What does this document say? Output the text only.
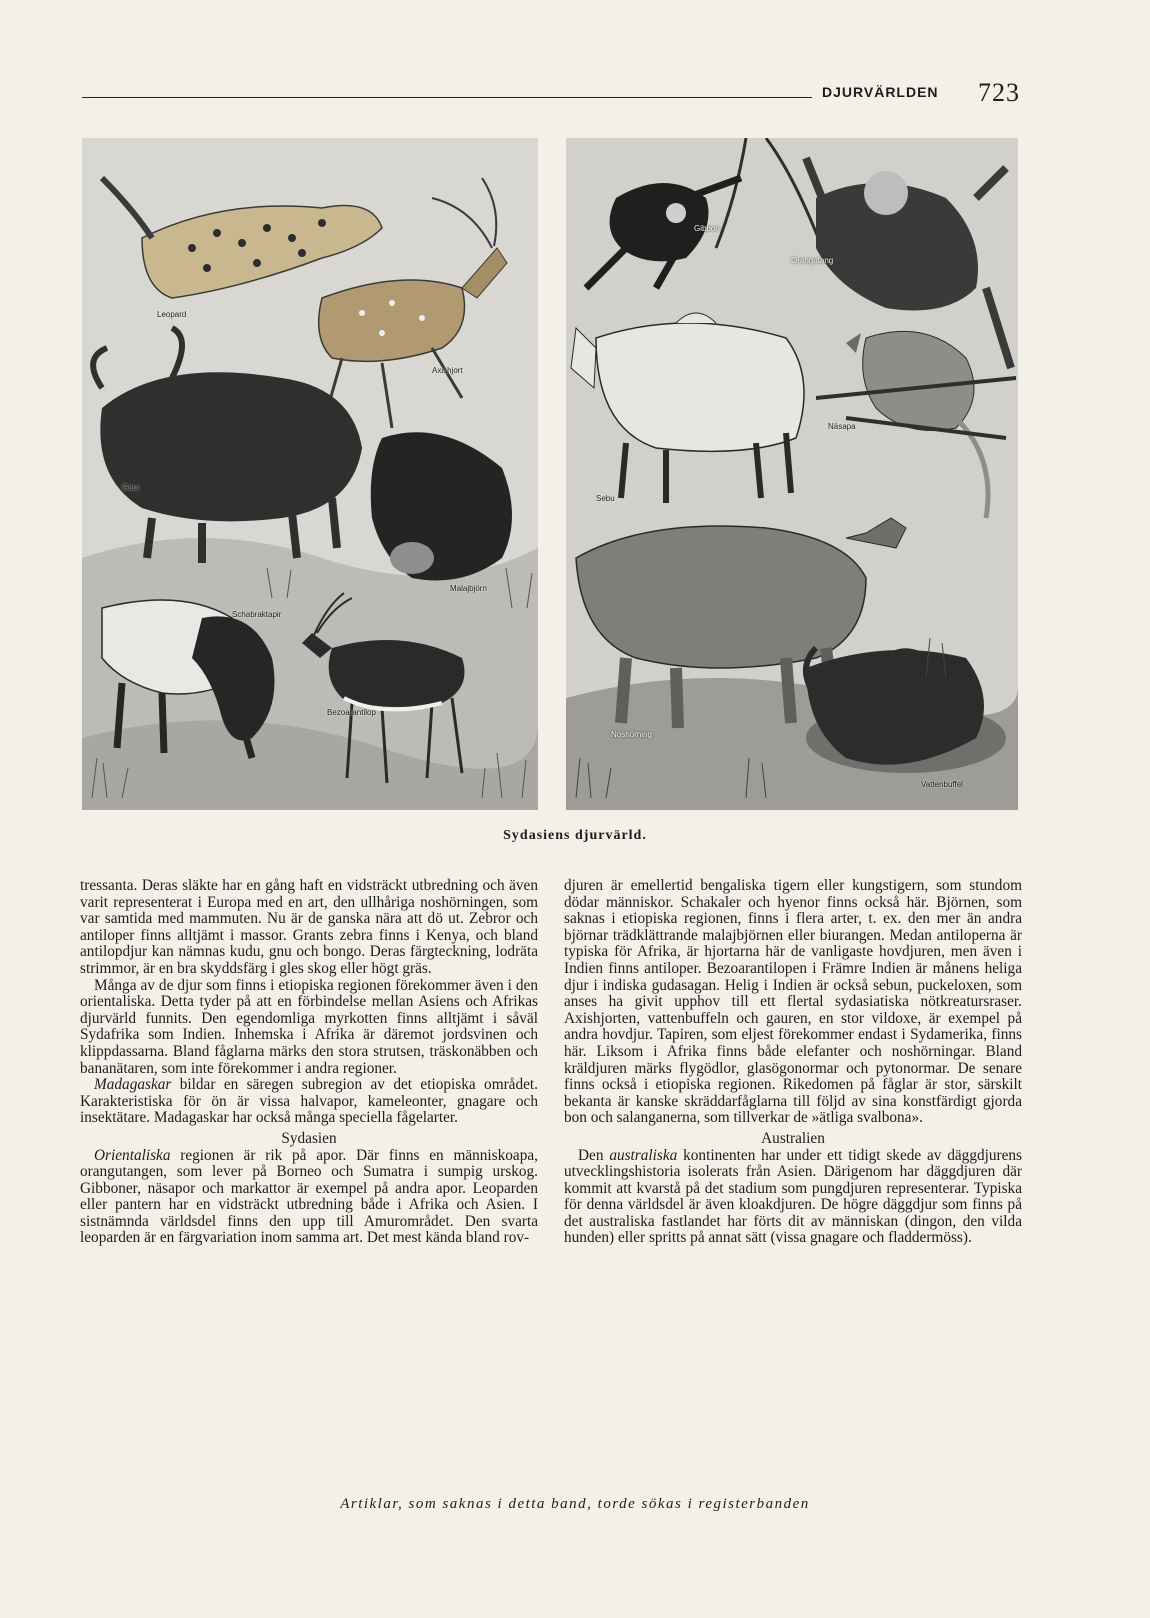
DJURVÄRLDEN 723
Leopard
Axishjort
Gaur
Malajbjörn
Schabraktapir
Bezoarantilop
Gibbon
Orangutang
Näsapa
Sebu
Noshörning
Vattenbuffel
Sydasiens djurvärld.

tressanta. Deras släkte har en gång haft en vidsträckt utbredning och även varit representerat i Europa med en art, den ullhåriga noshörningen, som var samtida med mammuten. Nu är de ganska nära att dö ut. Zebror och antiloper finns alltjämt i massor. Grants zebra finns i Kenya, och bland antilopdjur kan nämnas kudu, gnu och bongo. Deras färgteckning, lodräta strimmor, är en bra skyddsfärg i gles skog eller högt gräs.

Många av de djur som finns i etiopiska regionen förekommer även i den orientaliska. Detta tyder på att en förbindelse mellan Asiens och Afrikas djurvärld funnits. Den egendomliga myrkotten finns alltjämt i såväl Sydafrika som Indien. Inhemska i Afrika är däremot jordsvinen och klippdassarna. Bland fåglarna märks den stora strutsen, träskonäbben och bananätaren, som inte förekommer i andra regioner.

Madagaskar bildar en säregen subregion av det etiopiska området. Karakteristiska för ön är vissa halvapor, kameleonter, gnagare och insektätare. Madagaskar har också många speciella fågelarter.

Sydasien

Orientaliska regionen är rik på apor. Där finns en människoapa, orangutangen, som lever på Borneo och Sumatra i sumpig urskog. Gibboner, näsapor och markattor är exempel på andra apor. Leoparden eller pantern har en vidsträckt utbredning både i Afrika och Asien. I sistnämnda världsdel finns den upp till Amurområdet. Den svarta leoparden är en färgvariation inom samma art. Det mest kända bland rov-

djuren är emellertid bengaliska tigern eller kungstigern, som stundom dödar människor. Schakaler och hyenor finns också här. Björnen, som saknas i etiopiska regionen, finns i flera arter, t. ex. den mer än andra björnar trädklättrande malajbjörnen eller biurangen. Medan antiloperna är typiska för Afrika, är hjortarna här de vanligaste hovdjuren, men även i Indien finns antiloper. Bezoarantilopen i Främre Indien är månens heliga djur i indiska gudasagan. Helig i Indien är också sebun, puckeloxen, som anses ha givit upphov till ett flertal sydasiatiska nötkreatursraser. Axishjorten, vattenbuffeln och gauren, en stor vildoxe, är exempel på andra hovdjur. Tapiren, som eljest förekommer endast i Sydamerika, finns här. Liksom i Afrika finns både elefanter och noshörningar. Bland kräldjuren märks flygödlor, glasögonormar och pytonormar. De senare finns också i etiopiska regionen. Rikedomen på fåglar är stor, särskilt bekanta är kanske skräddarfåglarna till följd av sina konstfärdigt gjorda bon och salanganerna, som tillverkar de »ätliga svalbona».

Australien

Den australiska kontinenten har under ett tidigt skede av däggdjurens utvecklingshistoria isolerats från Asien. Därigenom har däggdjuren där kommit att kvarstå på det stadium som pungdjuren representerar. Typiska för denna världsdel är även kloakdjuren. De högre däggdjur som finns på det australiska fastlandet har förts dit av människan (dingon, den vilda hunden) eller spritts på annat sätt (vissa gnagare och fladdermöss).

Artiklar, som saknas i detta band, torde sökas i registerbanden
